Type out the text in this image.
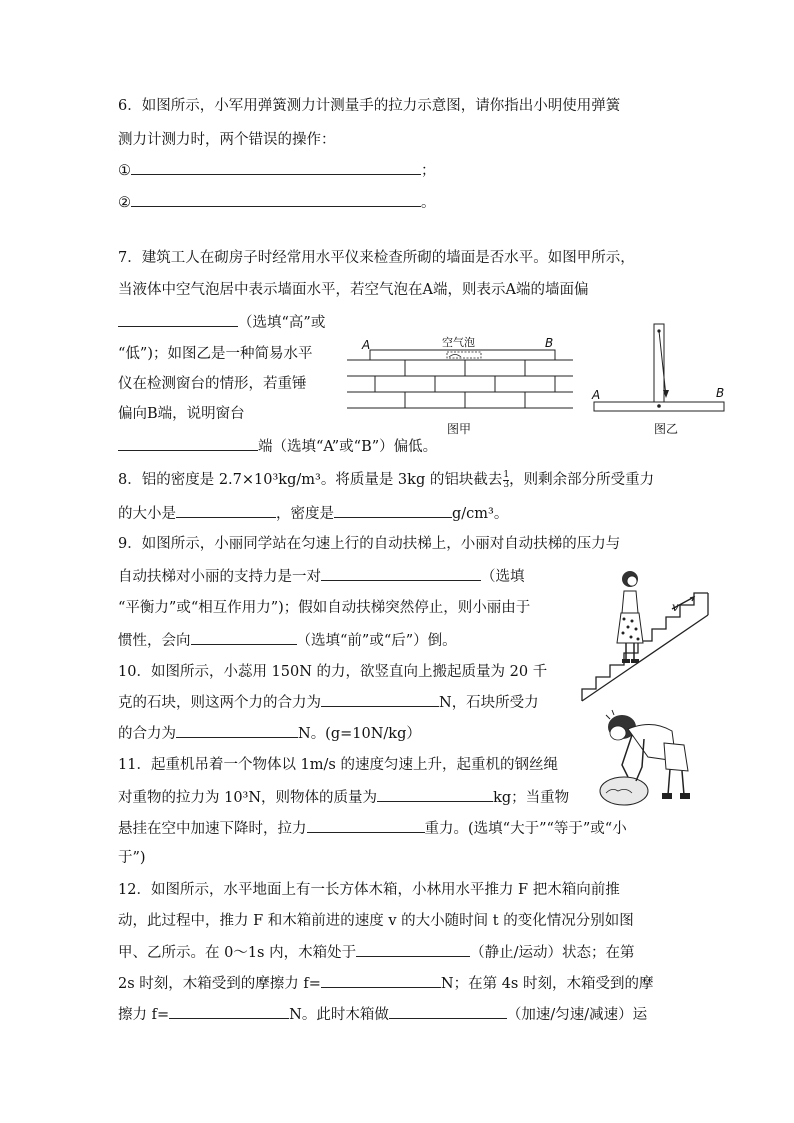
6．如图所示，小军用弹簧测力计测量手的拉力示意图，请你指出小明使用弹簧
测力计测力时，两个错误的操作：
①	；
②	。
7．建筑工人在砌房子时经常用水平仪来检查所砌的墙面是否水平。如图甲所示，
当液体中空气泡居中表示墙面水平，若空气泡在A端，则表示A端的墙面偏
（选填“高”或
“低”)；如图乙是一种简易水平
仪在检测窗台的情形，若重锤
偏向B端，说明窗台
端（选填“A”或“B”）偏低。
A	B
空气泡
图甲
A	B
图乙
8．铝的密度是 2.7×10³kg/m³。将质量是 3kg 的铝块截去 $\frac{1}{3}$ ，则剩余部分所受重力
的大小是	，密度是	g/cm³。
9．如图所示，小丽同学站在匀速上行的自动扶梯上，小丽对自动扶梯的压力与
自动扶梯对小丽的支持力是一对	（选填
“平衡力”或“相互作用力”)；假如自动扶梯突然停止，则小丽由于
惯性，会向	（选填“前”或“后”）倒。
v
10．如图所示，小蕊用 150N 的力，欲竖直向上搬起质量为 20 千
克的石块，则这两个力的合力为	N，石块所受力
的合力为	N。(g=10N/kg）
11．起重机吊着一个物体以 1m/s 的速度匀速上升，起重机的钢丝绳
对重物的拉力为 10³N，则物体的质量为	kg；当重物
悬挂在空中加速下降时，拉力	重力。(选填“大于”“等于”或“小
于”)
12．如图所示，水平地面上有一长方体木箱，小林用水平推力 F 把木箱向前推
动，此过程中，推力 F 和木箱前进的速度 v 的大小随时间 t 的变化情况分别如图
甲、乙所示。在 0～1s 内，木箱处于	（静止/运动）状态；在第
2s 时刻，木箱受到的摩擦力 f=	N；在第 4s 时刻，木箱受到的摩
擦力 f=	N。此时木箱做	（加速/匀速/减速）运
